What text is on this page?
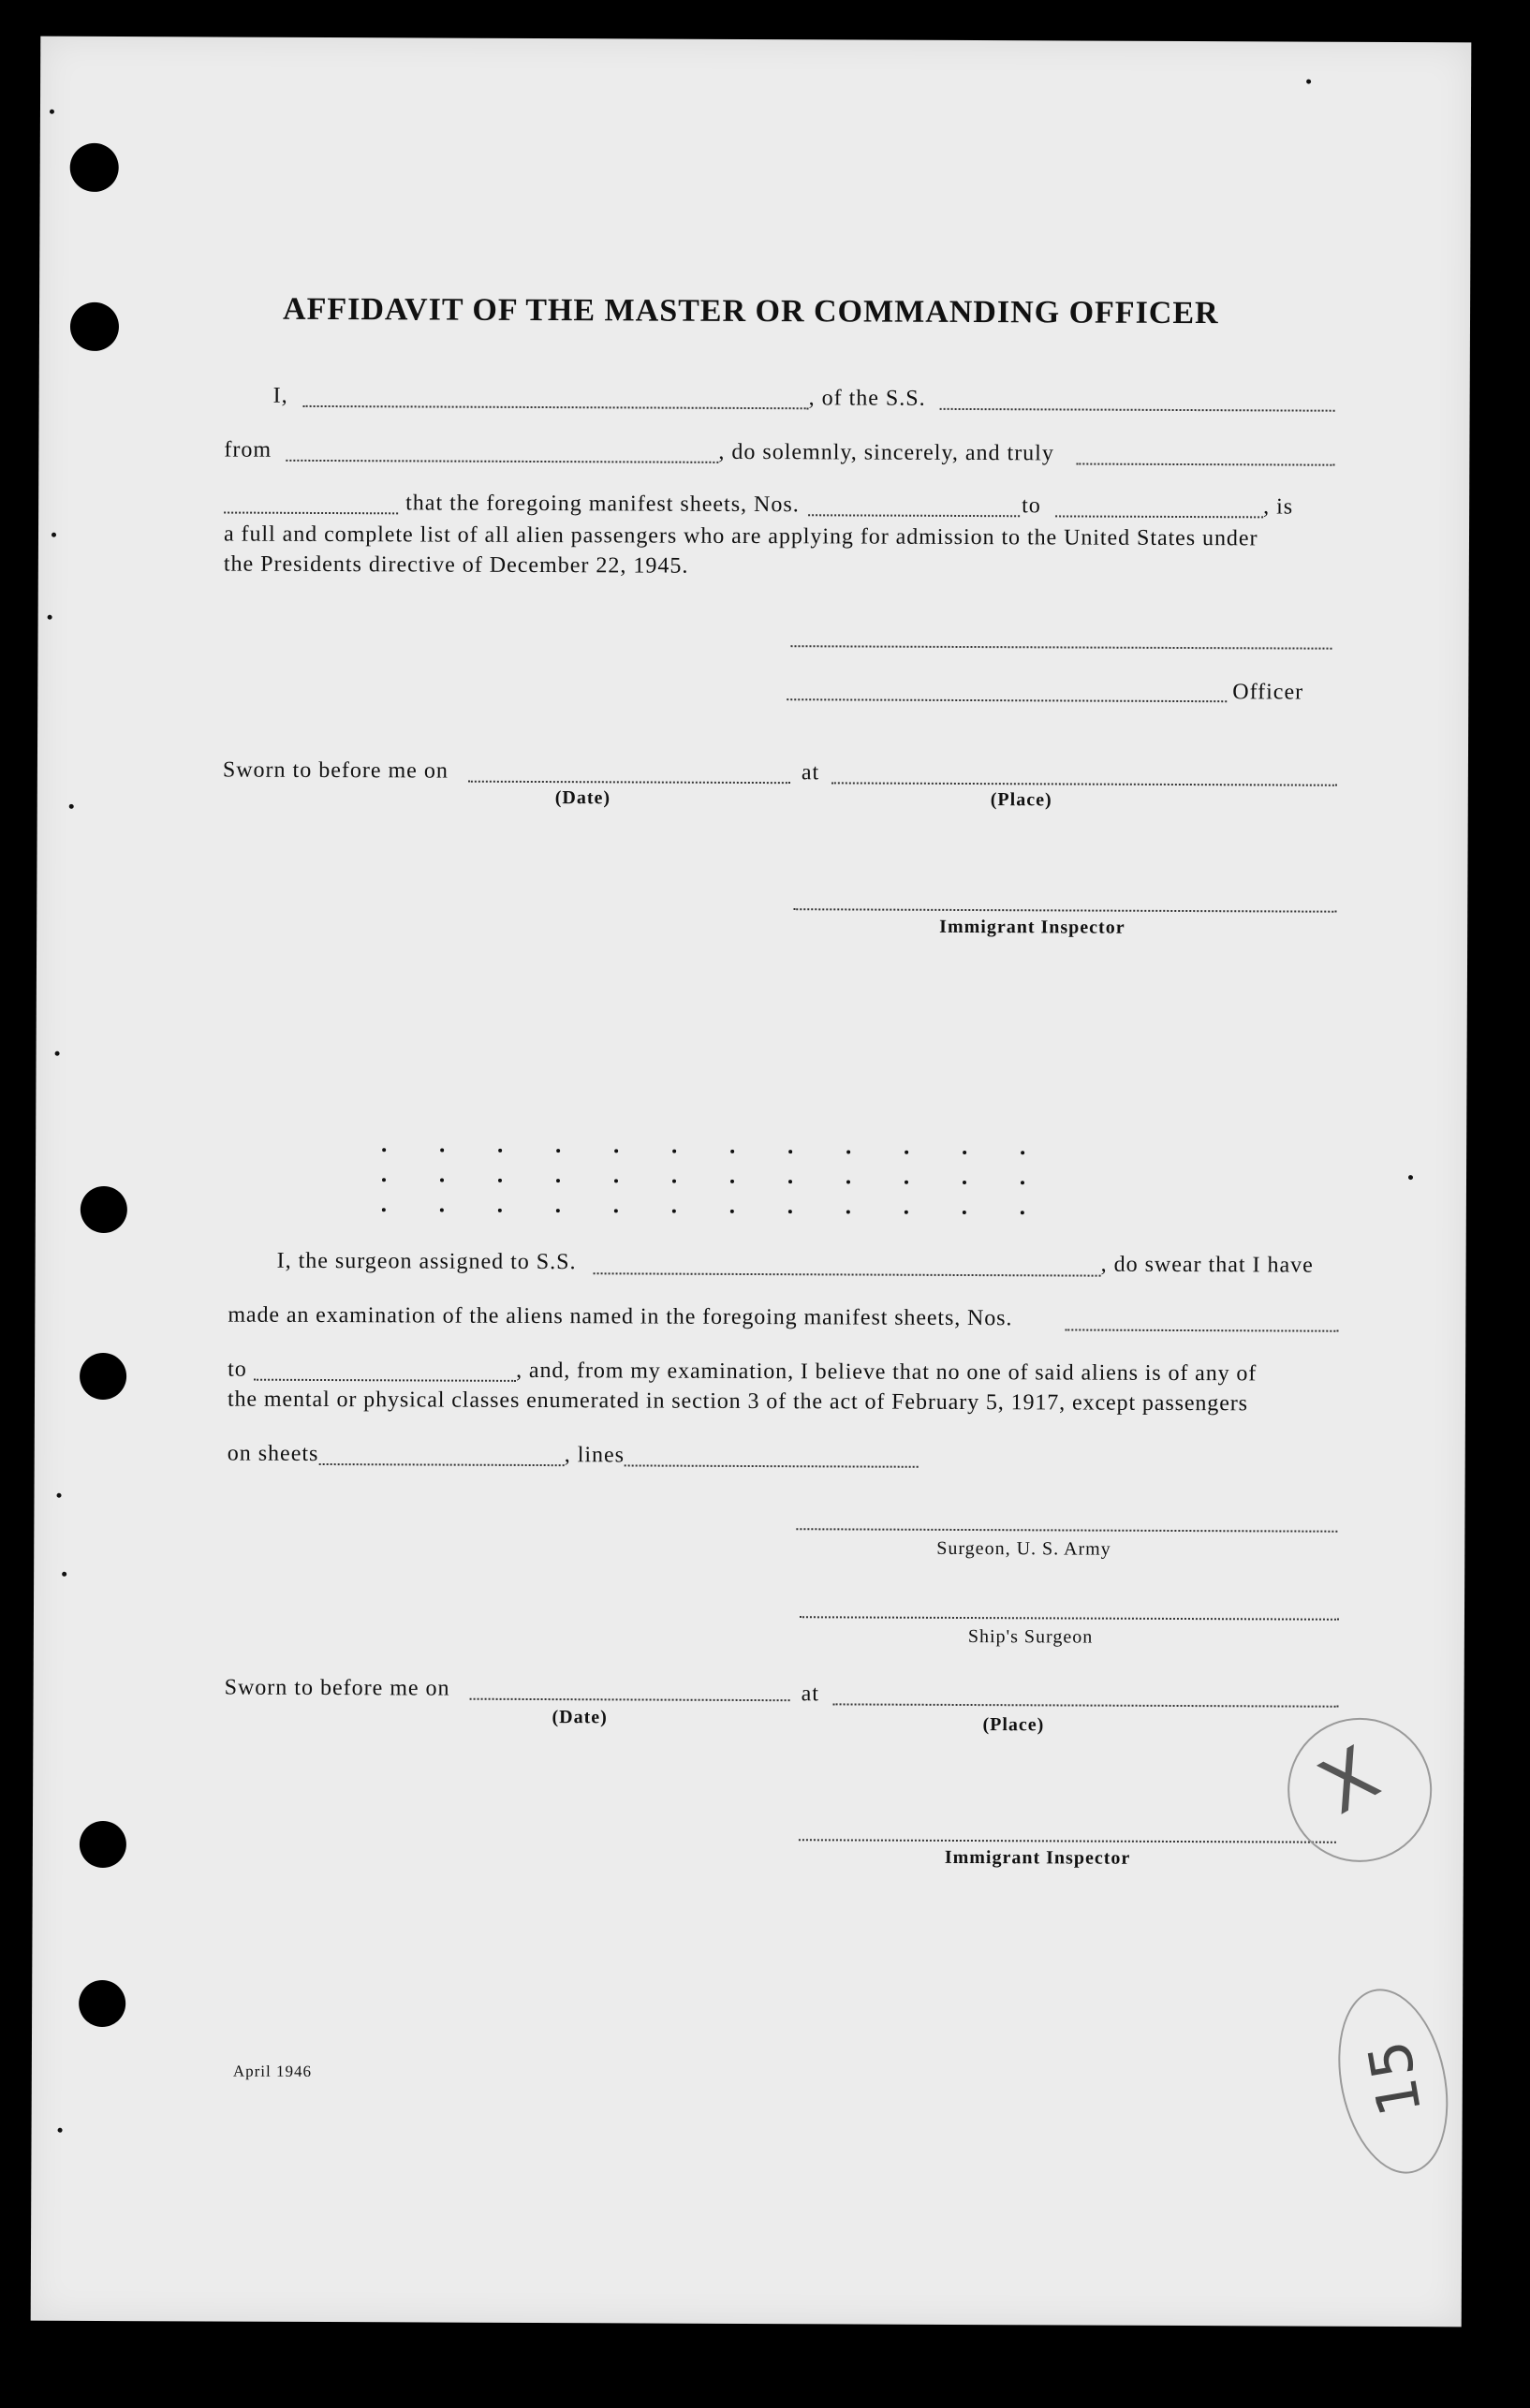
AFFIDAVIT OF THE MASTER OR COMMANDING OFFICER
I,	, of the S.S.
from	, do solemnly, sincerely, and truly
that the foregoing manifest sheets, Nos.	to	, is
a full and complete list of all alien passengers who are applying for admission to the United States under
the Presidents directive of December 22, 1945.
Officer
Sworn to before me on	at
(Date)	(Place)
Immigrant Inspector
I, the surgeon assigned to S.S.	, do swear that I have
made an examination of the aliens named in the foregoing manifest sheets, Nos.
to	, and, from my examination, I believe that no one of said aliens is of any of
the mental or physical classes enumerated in section 3 of the act of February 5, 1917, except passengers
on sheets	, lines
Surgeon, U. S. Army
Ship's Surgeon
Sworn to before me on	at
(Date)	(Place)
Immigrant Inspector
April 1946
X
15
